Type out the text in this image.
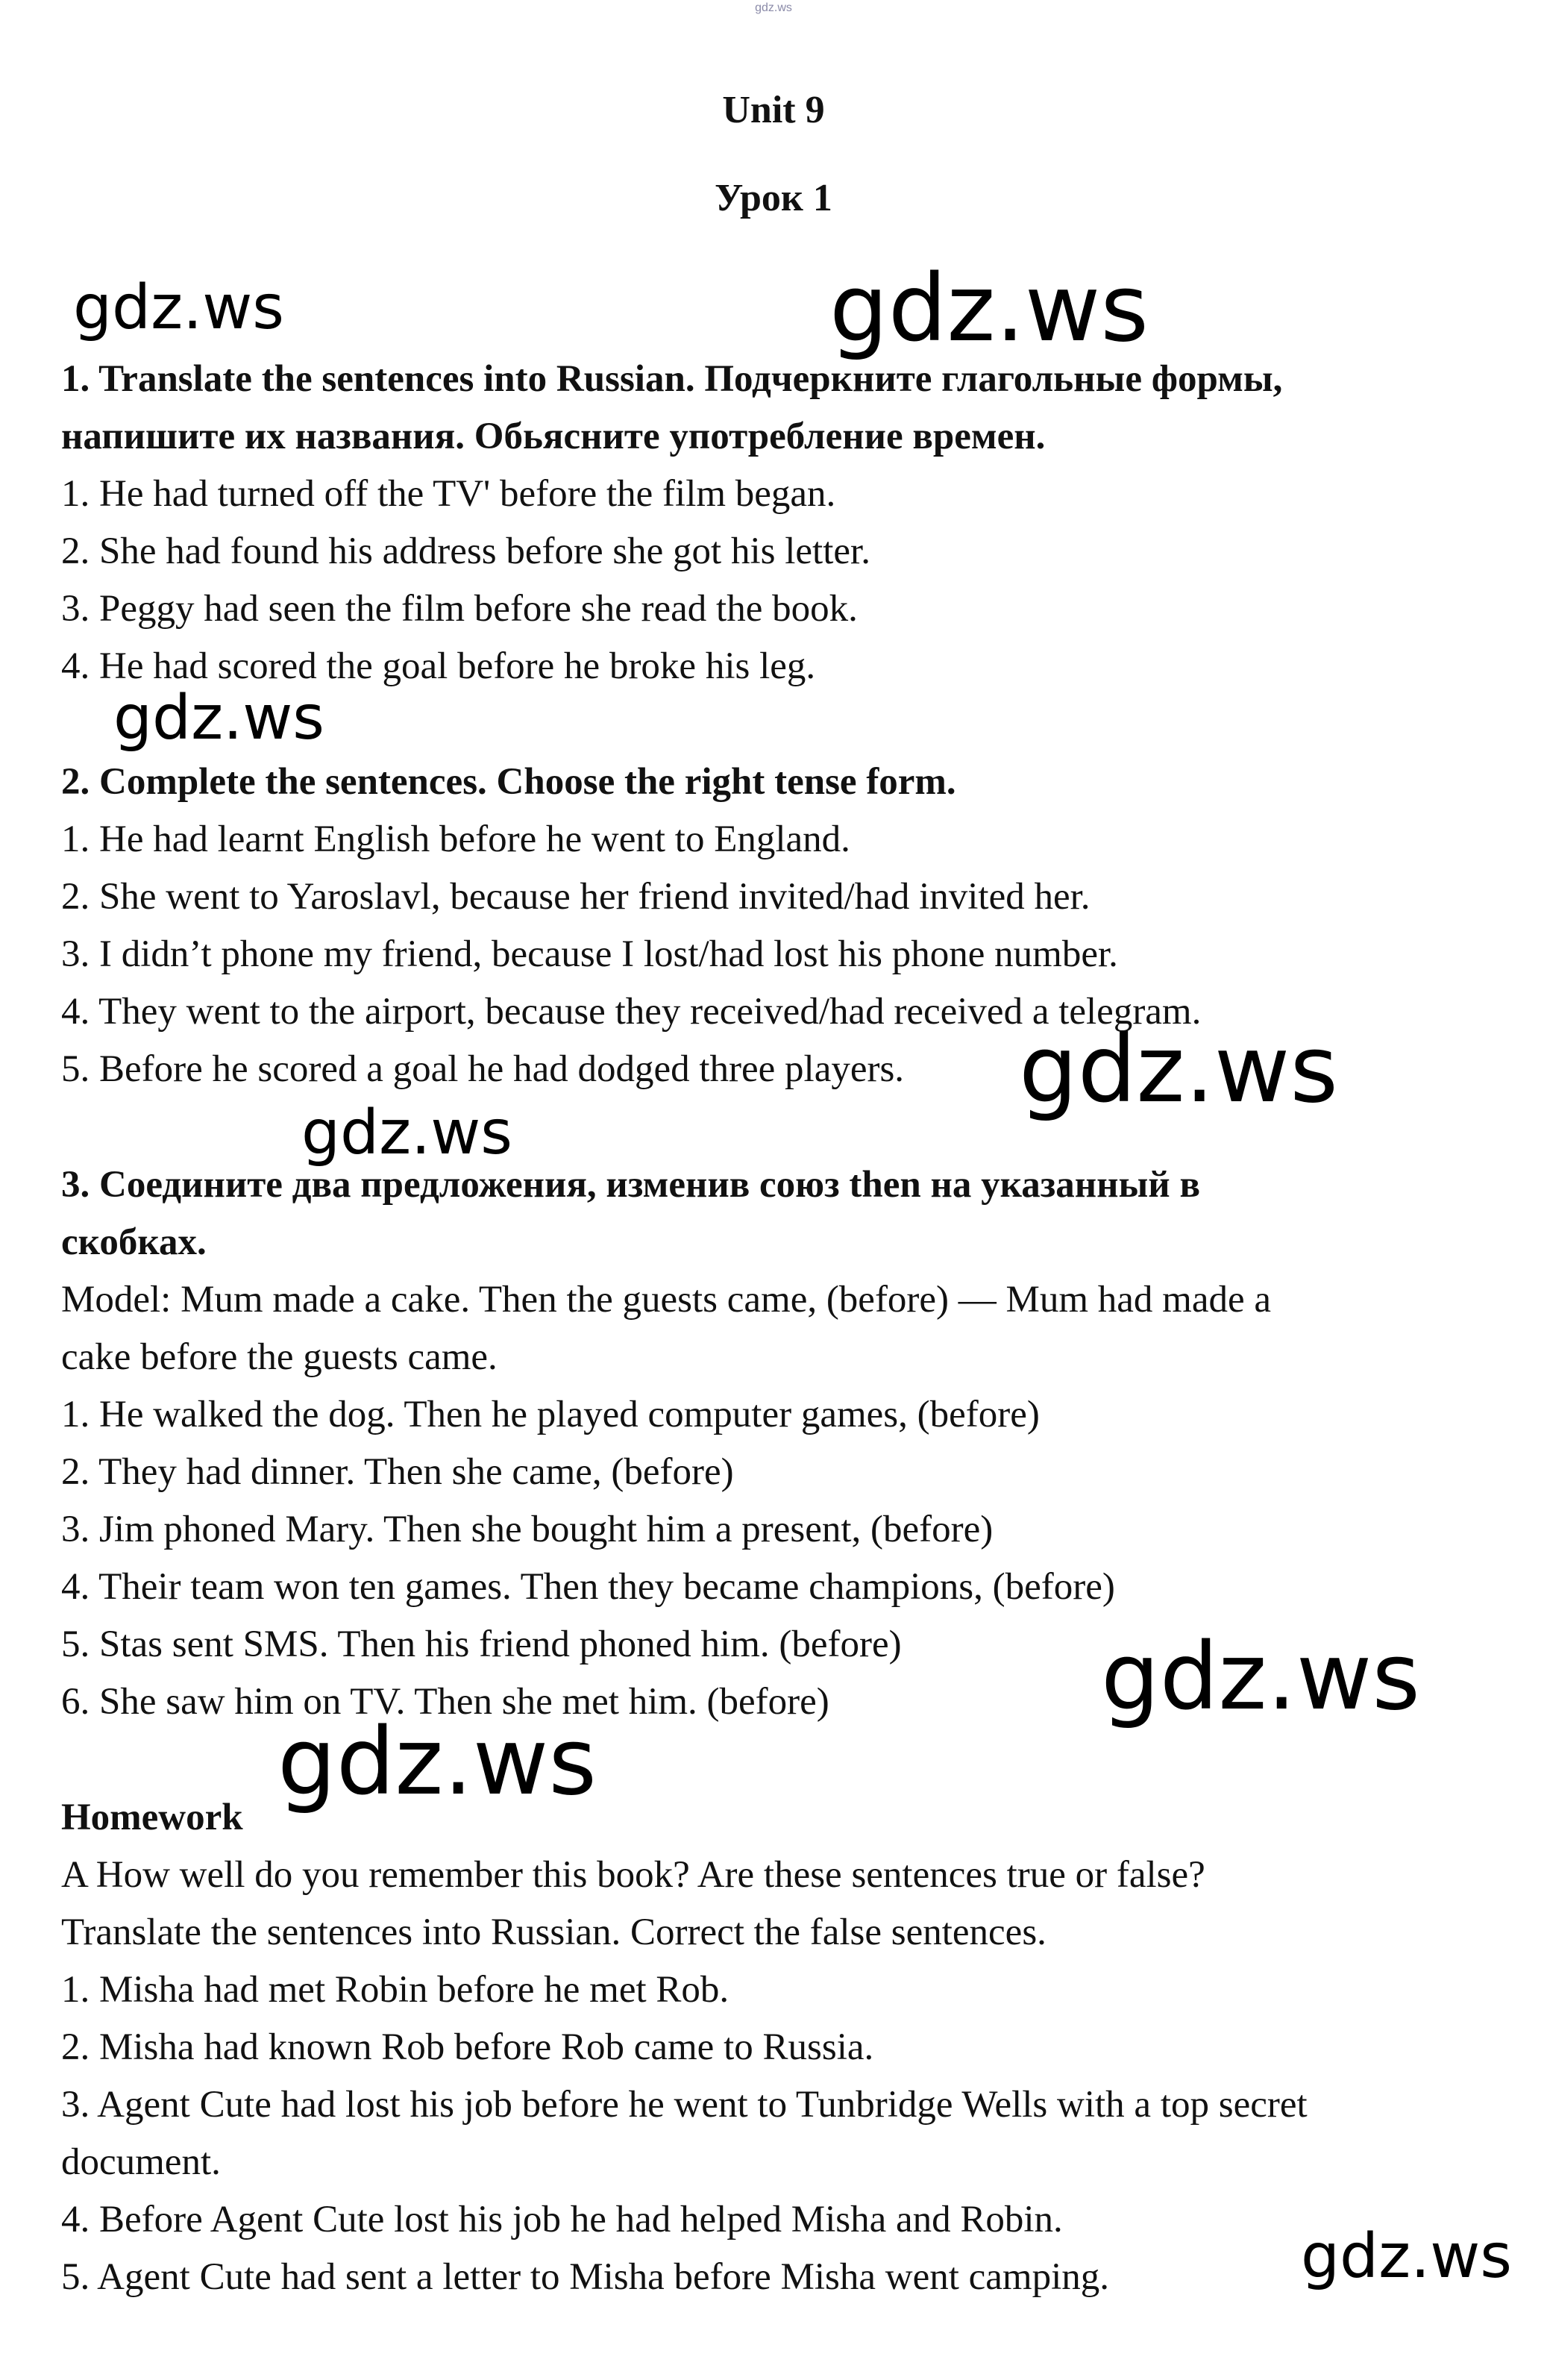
gdz.ws
Unit 9
Урок 1
1. Translate the sentences into Russian. Подчеркните глагольные формы,
напишите их названия. Обьясните употребление времен.
1. He had turned off the TV' before the film began.
2. She had found his address before she got his letter.
3. Peggy had seen the film before she read the book.
4. He had scored the goal before he broke his leg.
2. Complete the sentences. Choose the right tense form.
1. He had learnt English before he went to England.
2. She went to Yaroslavl, because her friend invited/had invited her.
3. I didn’t phone my friend, because I lost/had lost his phone number.
4. They went to the airport, because they received/had received a telegram.
5. Before he scored a goal he had dodged three players.
3. Соедините два предложения, изменив союз then на указанный в
скобках.
Model: Mum made a cake. Then the guests came, (before) — Mum had made a
cake before the guests came.
1. He walked the dog. Then he played computer games, (before)
2. They had dinner. Then she came, (before)
3. Jim phoned Mary. Then she bought him a present, (before)
4. Their team won ten games. Then they became champions, (before)
5. Stas sent SMS. Then his friend phoned him. (before)
6. She saw him on TV. Then she met him. (before)
Homework
A How well do you remember this book? Are these sentences true or false?
Translate the sentences into Russian. Correct the false sentences.
1. Misha had met Robin before he met Rob.
2. Misha had known Rob before Rob came to Russia.
3. Agent Cute had lost his job before he went to Tunbridge Wells with a top secret
document.
4. Before Agent Cute lost his job he had helped Misha and Robin.
5. Agent Cute had sent a letter to Misha before Misha went camping.
gdz.ws	gdz.ws
gdz.ws
gdz.ws
gdz.ws
gdz.ws
gdz.ws
gdz.ws
